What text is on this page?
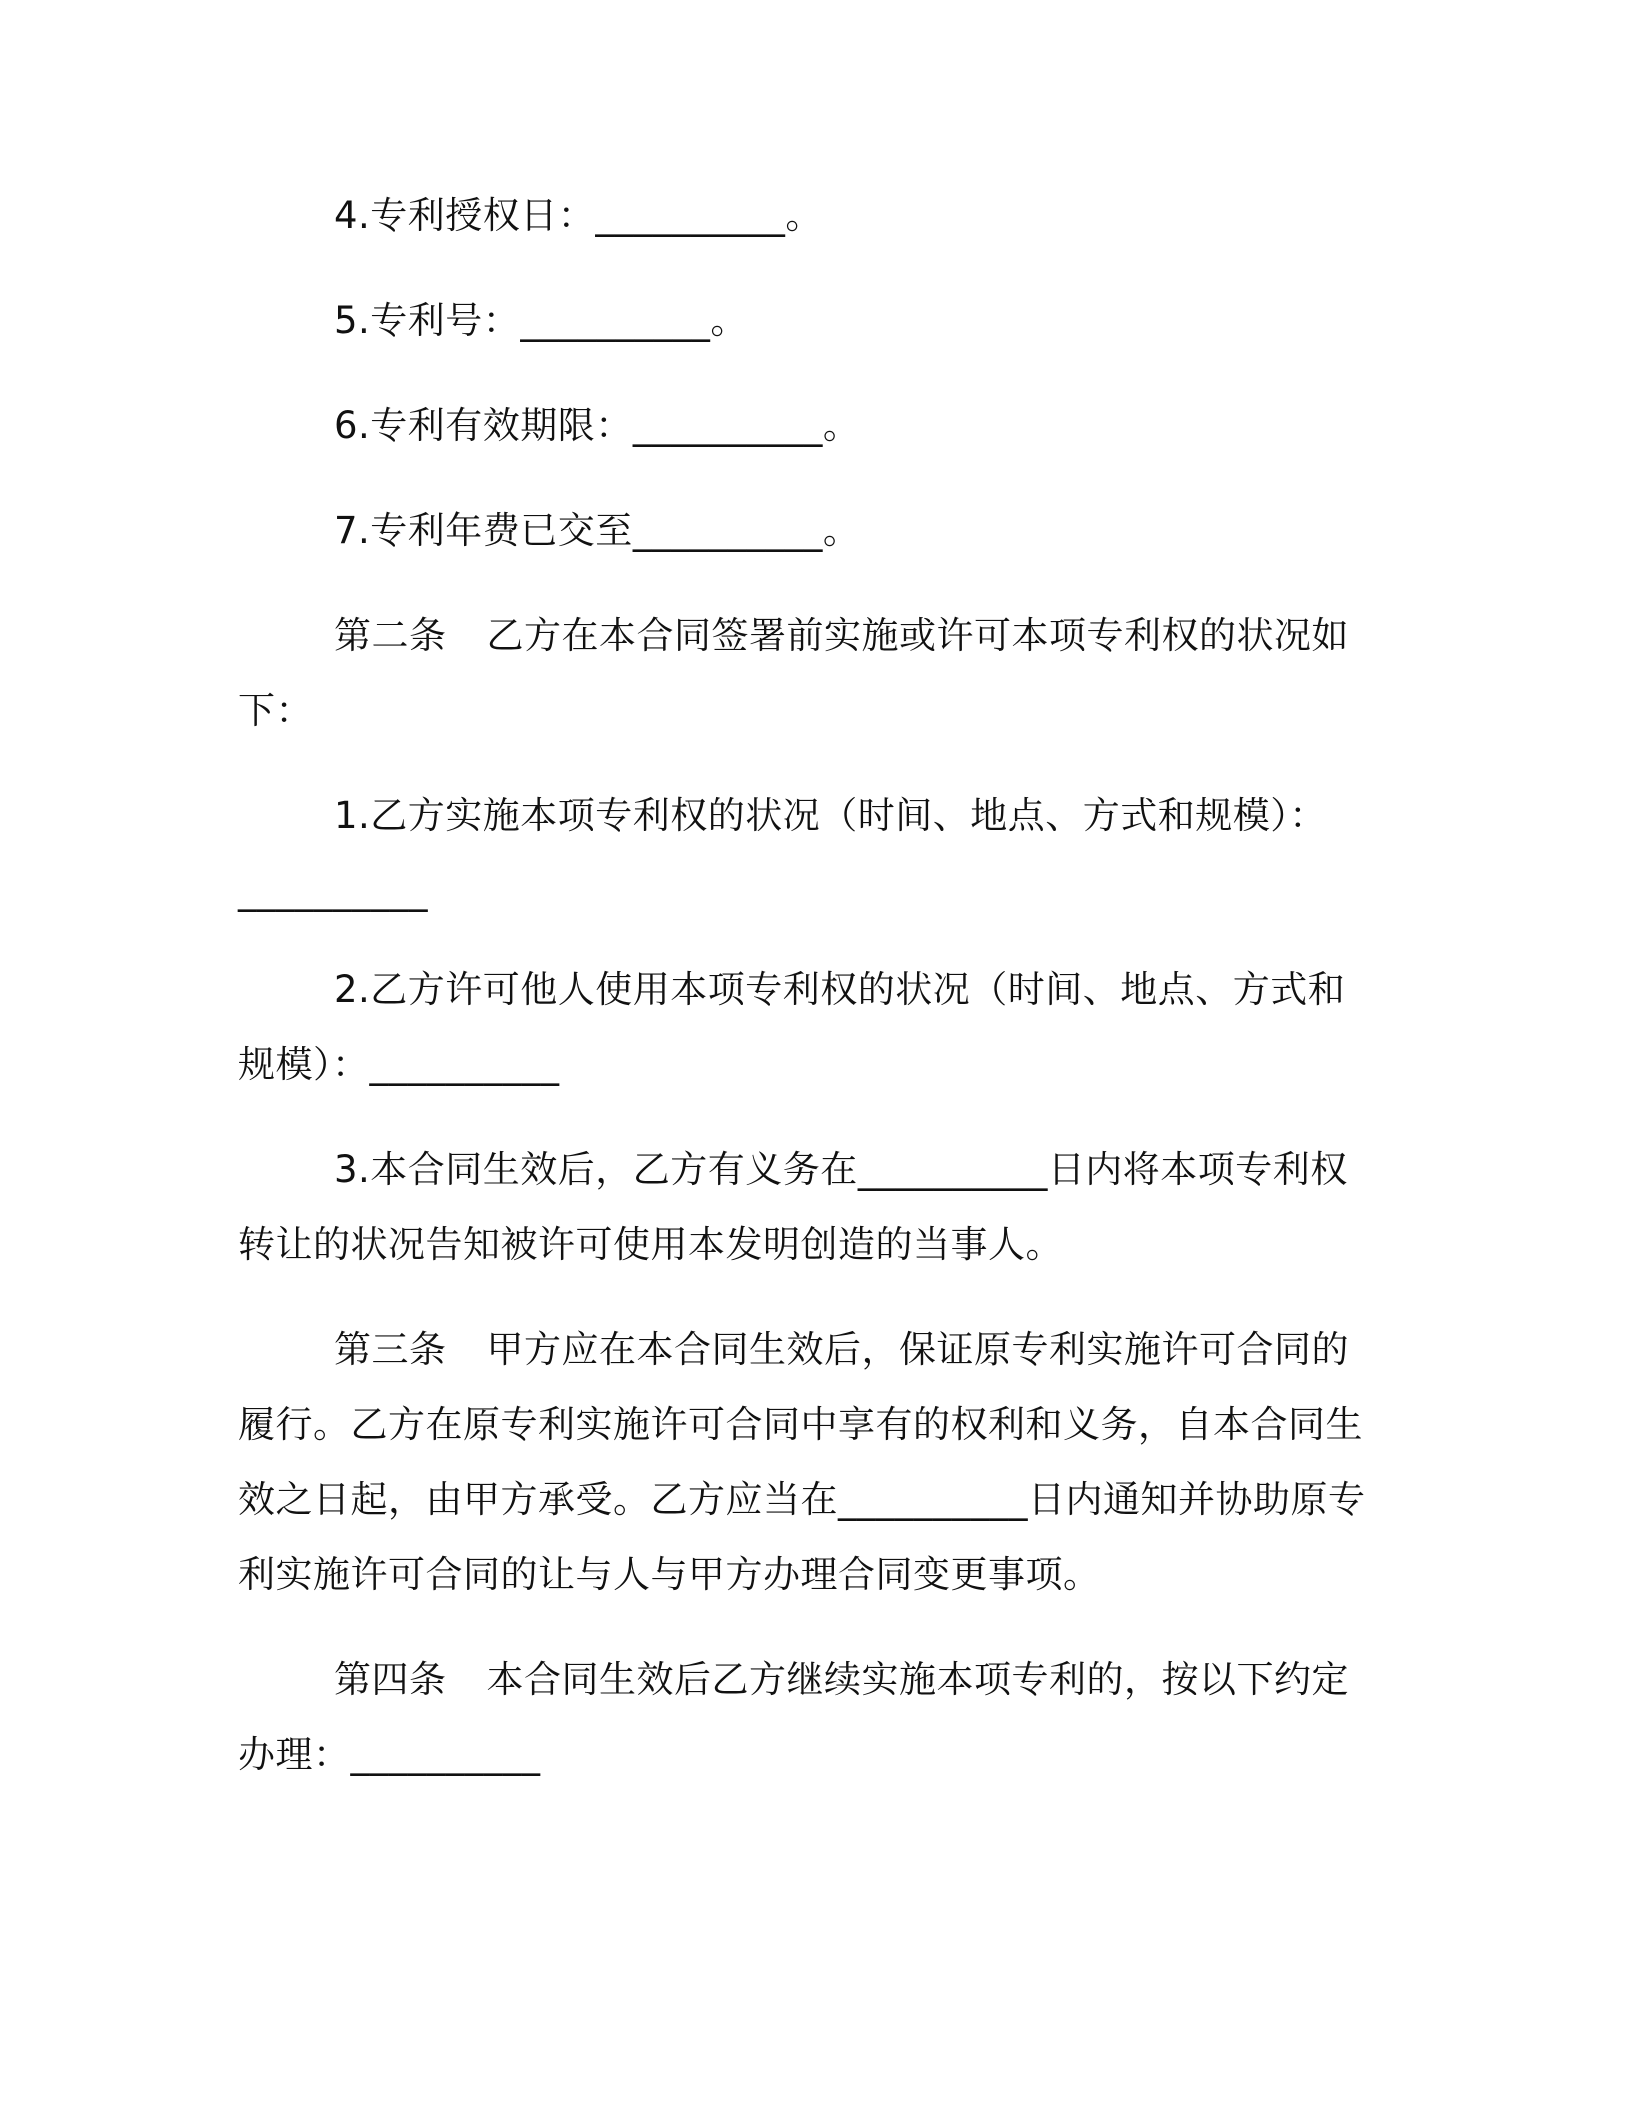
4.专利授权日：__________。

5.专利号：__________。

6.专利有效期限：__________。

7.专利年费已交至__________。

第二条 乙方在本合同签署前实施或许可本项专利权的状况如下：

1.乙方实施本项专利权的状况（时间、地点、方式和规模）：__________

2.乙方许可他人使用本项专利权的状况（时间、地点、方式和规模）：__________

3.本合同生效后，乙方有义务在__________日内将本项专利权转让的状况告知被许可使用本发明创造的当事人。

第三条 甲方应在本合同生效后，保证原专利实施许可合同的履行。乙方在原专利实施许可合同中享有的权利和义务，自本合同生效之日起，由甲方承受。乙方应当在__________日内通知并协助原专利实施许可合同的让与人与甲方办理合同变更事项。

第四条 本合同生效后乙方继续实施本项专利的，按以下约定办理：__________
